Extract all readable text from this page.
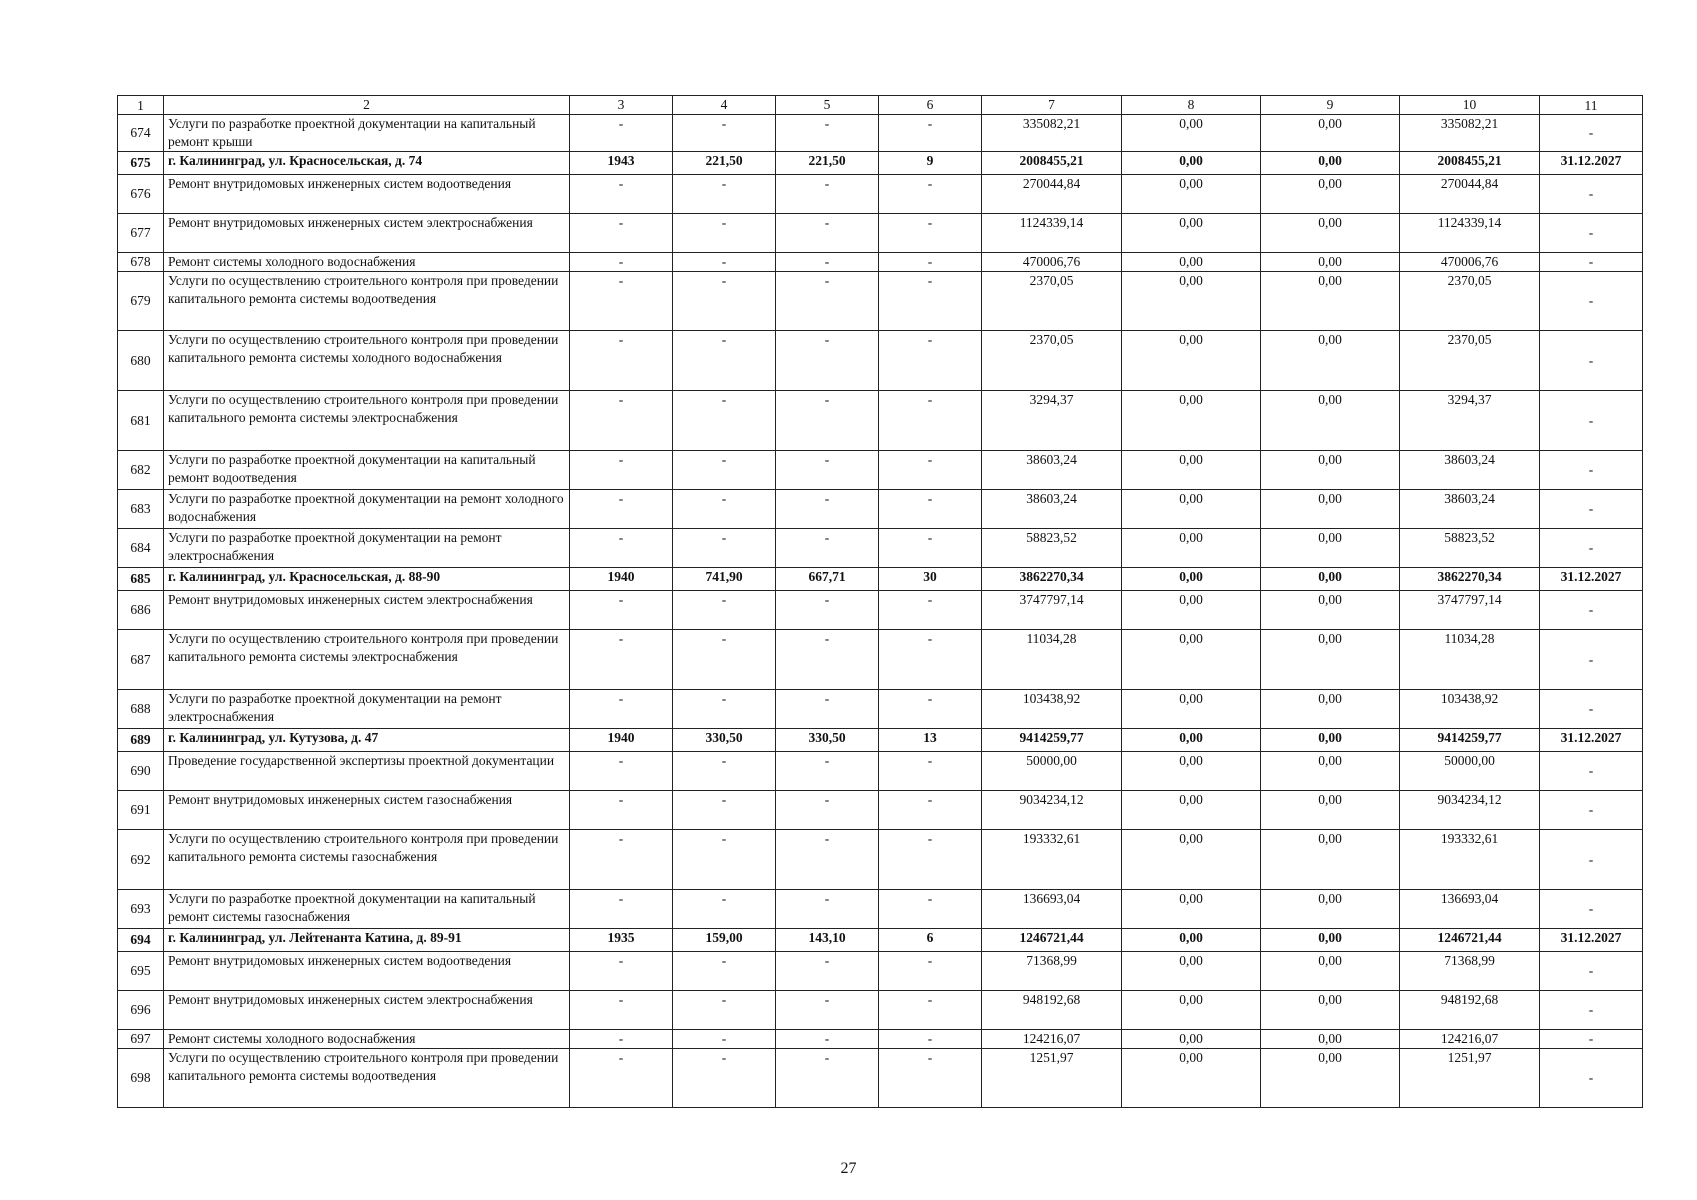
1	2	3	4	5	6	7	8	9	10	11
674	Услуги по разработке проектной документации на капитальный ремонт крыши	-	-	-	-	335082,21	0,00	0,00	335082,21	-
675	г. Калининград, ул. Красносельская, д. 74	1943	221,50	221,50	9	2008455,21	0,00	0,00	2008455,21	31.12.2027
676	Ремонт внутридомовых инженерных систем водоотведения	-	-	-	-	270044,84	0,00	0,00	270044,84	-
677	Ремонт внутридомовых инженерных систем электроснабжения	-	-	-	-	1124339,14	0,00	0,00	1124339,14	-
678	Ремонт системы холодного водоснабжения	-	-	-	-	470006,76	0,00	0,00	470006,76	-
679	Услуги по осуществлению строительного контроля при проведении капитального ремонта системы водоотведения	-	-	-	-	2370,05	0,00	0,00	2370,05	-
680	Услуги по осуществлению строительного контроля при проведении капитального ремонта системы холодного водоснабжения	-	-	-	-	2370,05	0,00	0,00	2370,05	-
681	Услуги по осуществлению строительного контроля при проведении капитального ремонта системы электроснабжения	-	-	-	-	3294,37	0,00	0,00	3294,37	-
682	Услуги по разработке проектной документации на капитальный ремонт водоотведения	-	-	-	-	38603,24	0,00	0,00	38603,24	-
683	Услуги по разработке проектной документации на ремонт холодного водоснабжения	-	-	-	-	38603,24	0,00	0,00	38603,24	-
684	Услуги по разработке проектной документации на ремонт электроснабжения	-	-	-	-	58823,52	0,00	0,00	58823,52	-
685	г. Калининград, ул. Красносельская, д. 88-90	1940	741,90	667,71	30	3862270,34	0,00	0,00	3862270,34	31.12.2027
686	Ремонт внутридомовых инженерных систем электроснабжения	-	-	-	-	3747797,14	0,00	0,00	3747797,14	-
687	Услуги по осуществлению строительного контроля при проведении капитального ремонта системы электроснабжения	-	-	-	-	11034,28	0,00	0,00	11034,28	-
688	Услуги по разработке проектной документации на ремонт электроснабжения	-	-	-	-	103438,92	0,00	0,00	103438,92	-
689	г. Калининград, ул. Кутузова, д. 47	1940	330,50	330,50	13	9414259,77	0,00	0,00	9414259,77	31.12.2027
690	Проведение государственной экспертизы проектной документации	-	-	-	-	50000,00	0,00	0,00	50000,00	-
691	Ремонт внутридомовых инженерных систем газоснабжения	-	-	-	-	9034234,12	0,00	0,00	9034234,12	-
692	Услуги по осуществлению строительного контроля при проведении капитального ремонта системы газоснабжения	-	-	-	-	193332,61	0,00	0,00	193332,61	-
693	Услуги по разработке проектной документации на капитальный ремонт системы газоснабжения	-	-	-	-	136693,04	0,00	0,00	136693,04	-
694	г. Калининград, ул. Лейтенанта Катина, д. 89-91	1935	159,00	143,10	6	1246721,44	0,00	0,00	1246721,44	31.12.2027
695	Ремонт внутридомовых инженерных систем водоотведения	-	-	-	-	71368,99	0,00	0,00	71368,99	-
696	Ремонт внутридомовых инженерных систем электроснабжения	-	-	-	-	948192,68	0,00	0,00	948192,68	-
697	Ремонт системы холодного водоснабжения	-	-	-	-	124216,07	0,00	0,00	124216,07	-
698	Услуги по осуществлению строительного контроля при проведении капитального ремонта системы водоотведения	-	-	-	-	1251,97	0,00	0,00	1251,97	-
27
